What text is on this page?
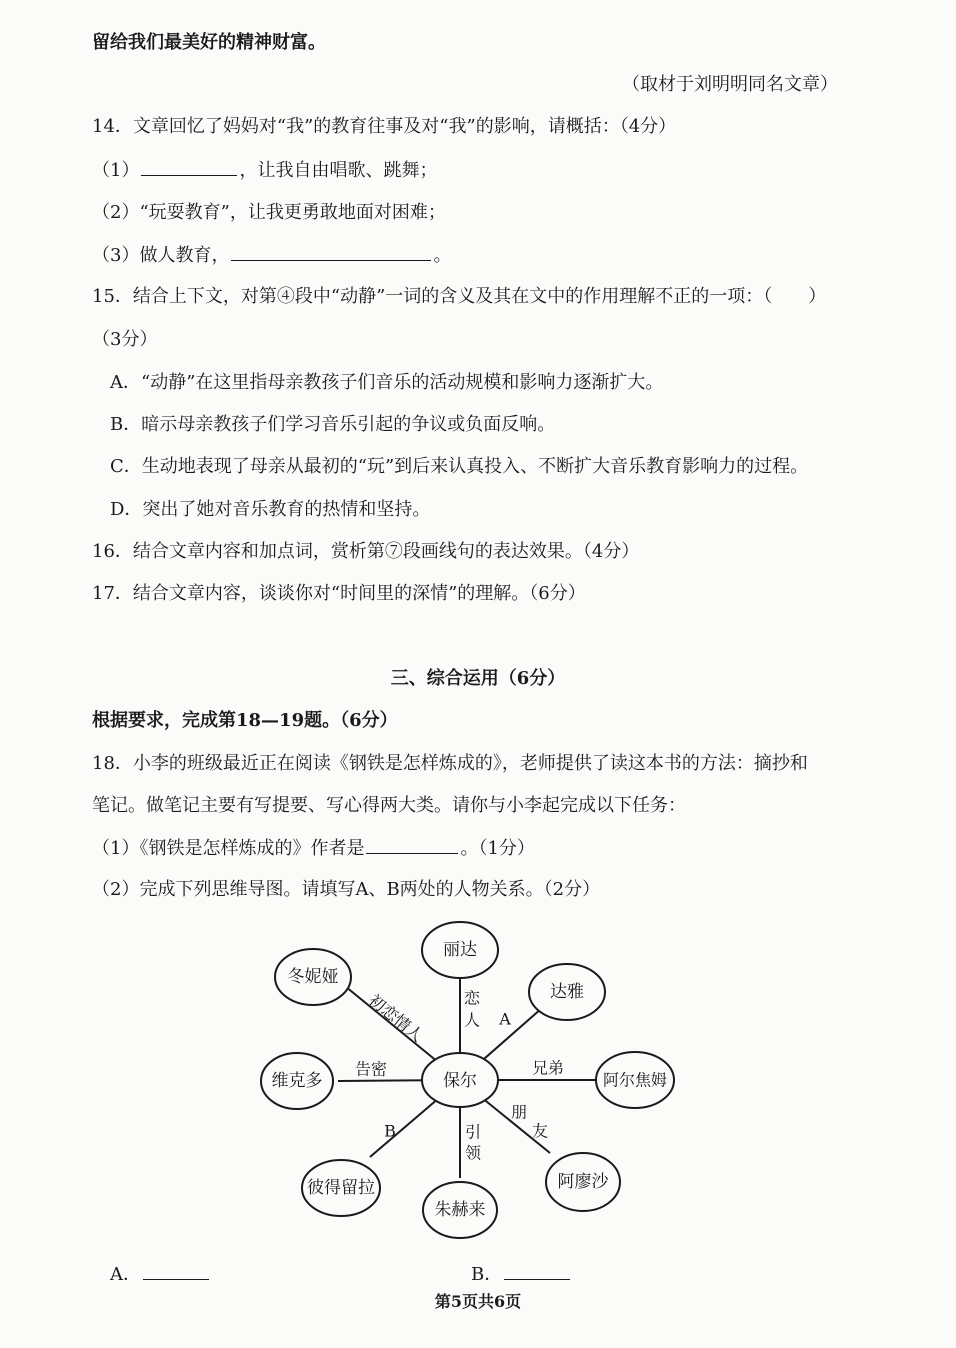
留给我们最美好的精神财富。
（取材于刘明明同名文章）
14．文章回忆了妈妈对“我”的教育往事及对“我”的影响，请概括：（4分）
（1）	，让我自由唱歌、跳舞；
（2）“玩耍教育”，让我更勇敢地面对困难；
（3）做人教育，	。
15．结合上下文，对第④段中“动静”一词的含义及其在文中的作用理解不正的一项：（　　）
（3分）
A．“动静”在这里指母亲教孩子们音乐的活动规模和影响力逐渐扩大。
B．暗示母亲教孩子们学习音乐引起的争议或负面反响。
C．生动地表现了母亲从最初的“玩”到后来认真投入、不断扩大音乐教育影响力的过程。
D．突出了她对音乐教育的热情和坚持。
16．结合文章内容和加点词，赏析第⑦段画线句的表达效果。（4分）
17．结合文章内容，谈谈你对“时间里的深情”的理解。（6分）
三、综合运用（6分）
根据要求，完成第18—19题。（6分）
18．小李的班级最近正在阅读《钢铁是怎样炼成的》，老师提供了读这本书的方法：摘抄和
笔记。做笔记主要有写提要、写心得两大类。请你与小李起完成以下任务：
（1）《钢铁是怎样炼成的》作者是	。（1分）
（2）完成下列思维导图。请填写A、B两处的人物关系。（2分）
保尔
丽达
冬妮娅
达雅
维克多	阿尔焦姆
彼得留拉
朱赫来
阿廖沙
恋
人
初恋情人	A
告密	兄弟
B	引
领
朋
友
A．	B．
第5页共6页
